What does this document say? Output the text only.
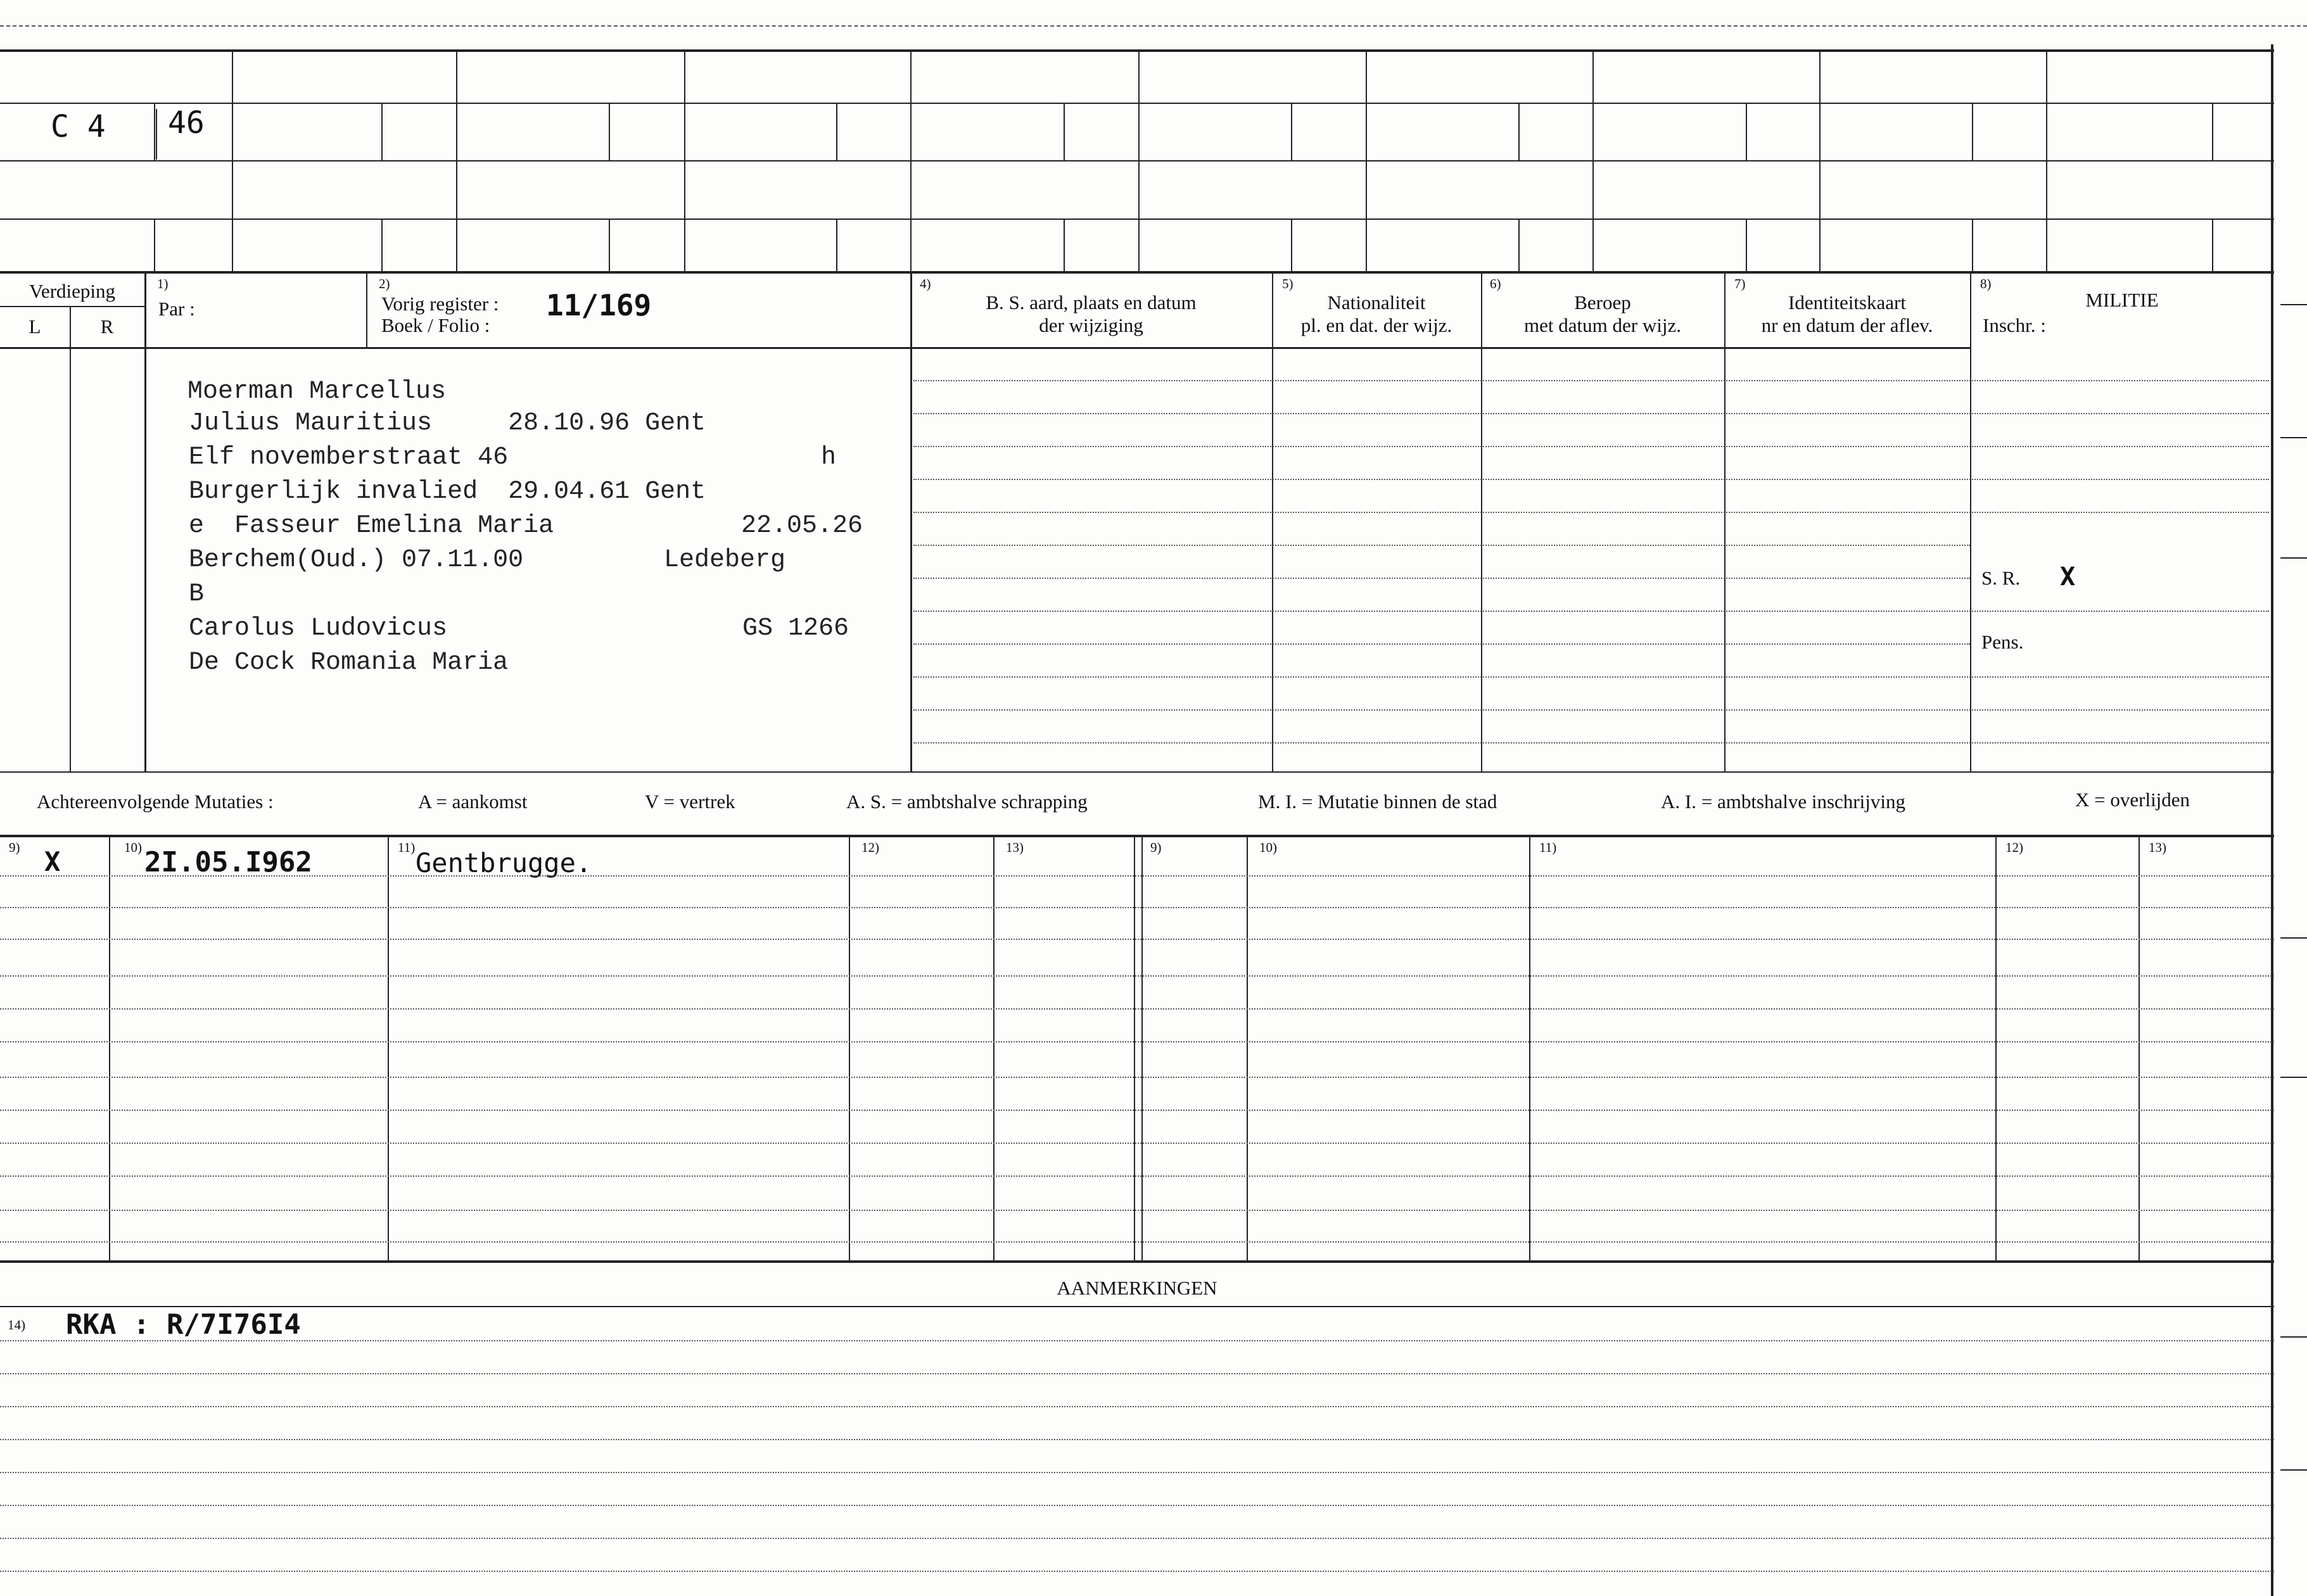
C 4 46
Verdieping
L	R
1)
Par :
2)
Vorig register :
Boek / Folio :
11/169
4)
B. S. aard, plaats en datum
der wijziging
5)
Nationaliteit
pl. en dat. der wijz.
6)
Beroep
met datum der wijz.
7)
Identiteitskaart
nr en datum der aflev.
8)
MILITIE
Inschr. :
Moerman Marcellus
Julius Mauritius     28.10.96 Gent
Elf novemberstraat 46	h
Burgerlijk invalied  29.04.61 Gent
e  Fasseur Emelina Maria	22.05.26
Berchem(Oud.) 07.11.00	Ledeberg
B
Carolus Ludovicus	GS 1266
De Cock Romania Maria
S. R. X
Pens.
Achtereenvolgende Mutaties :	A = aankomst	V = vertrek	A. S. = ambtshalve schrapping	M. I. = Mutatie binnen de stad	A. I. = ambtshalve inschrijving	X = overlijden
9)	10)	11)	12)	13)	9)	10)	11)	12)	13)
X	2I.05.I962	Gentbrugge.
AANMERKINGEN
14) RKA : R/7I76I4
